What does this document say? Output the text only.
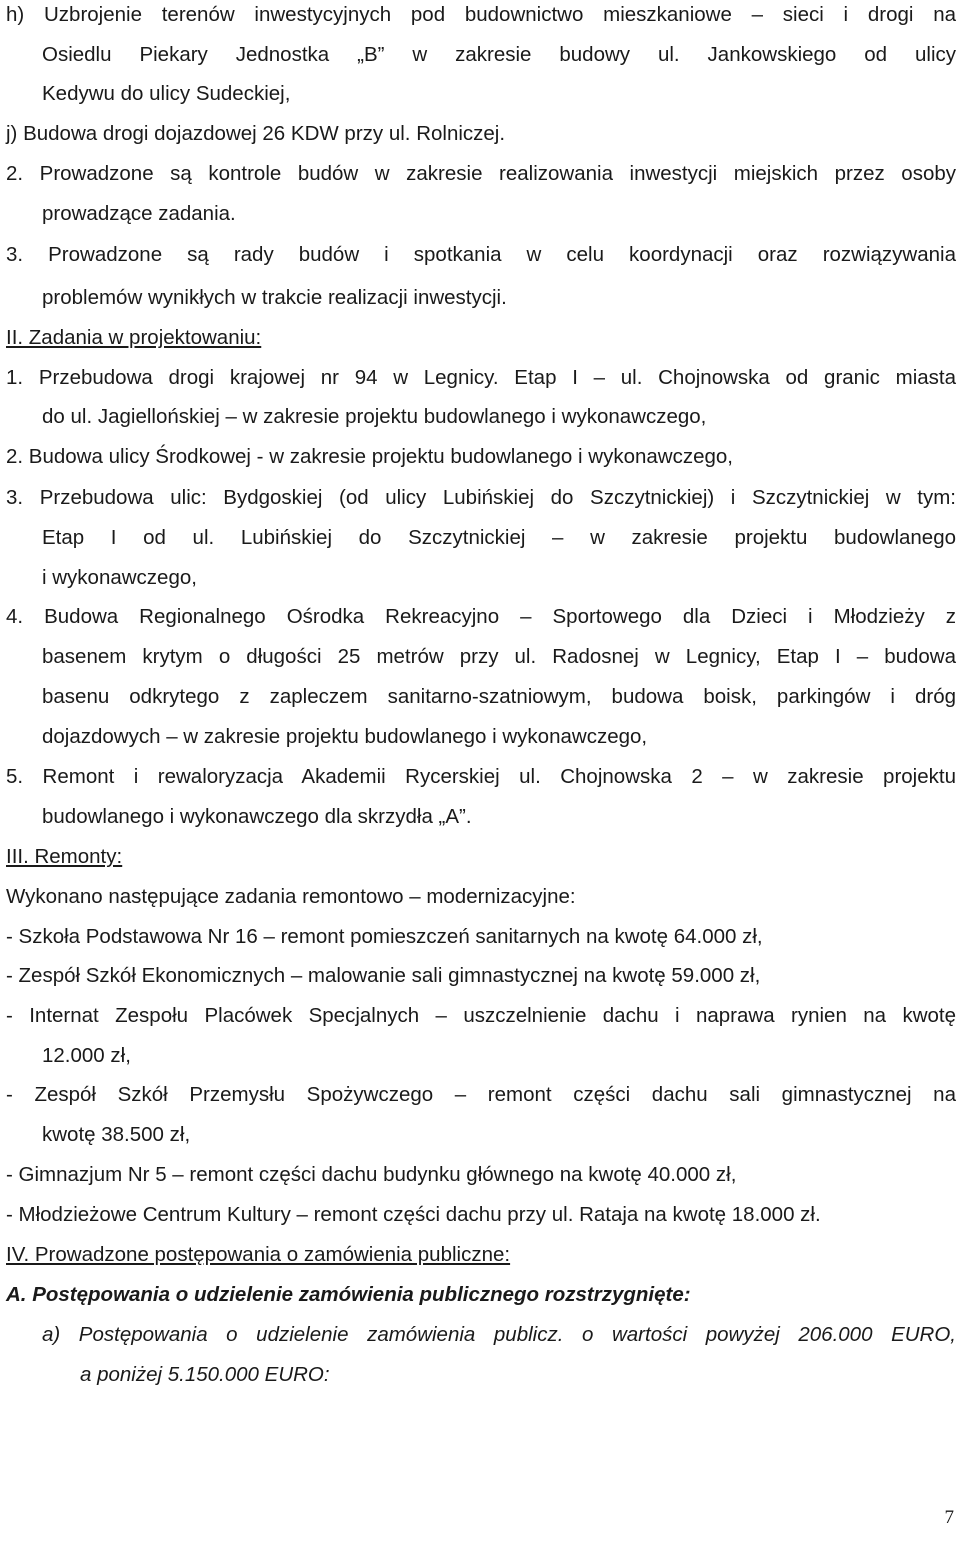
h) Uzbrojenie terenów inwestycyjnych pod budownictwo mieszkaniowe – sieci i drogi na
Osiedlu Piekary Jednostka „B” w zakresie budowy ul. Jankowskiego od ulicy
Kedywu do ulicy Sudeckiej,
j) Budowa drogi dojazdowej 26 KDW przy ul. Rolniczej.
2. Prowadzone są kontrole budów w zakresie realizowania inwestycji miejskich przez osoby
prowadzące zadania.
3. Prowadzone są rady budów i spotkania w celu koordynacji oraz rozwiązywania
problemów wynikłych w trakcie realizacji inwestycji.
II. Zadania w projektowaniu:
1. Przebudowa drogi krajowej nr 94 w Legnicy. Etap I – ul. Chojnowska od granic miasta
do ul. Jagiellońskiej – w zakresie projektu budowlanego i wykonawczego,
2. Budowa ulicy Środkowej - w zakresie projektu budowlanego i wykonawczego,
3. Przebudowa ulic: Bydgoskiej (od ulicy Lubińskiej do Szczytnickiej) i Szczytnickiej w tym:
Etap I od ul. Lubińskiej do Szczytnickiej – w zakresie projektu budowlanego
i wykonawczego,
4. Budowa Regionalnego Ośrodka Rekreacyjno – Sportowego dla Dzieci i Młodzieży z
basenem krytym o długości 25 metrów przy ul. Radosnej w Legnicy, Etap I – budowa
basenu odkrytego z zapleczem sanitarno-szatniowym, budowa boisk, parkingów i dróg
dojazdowych – w zakresie projektu budowlanego i wykonawczego,
5. Remont i rewaloryzacja Akademii Rycerskiej ul. Chojnowska 2 – w zakresie projektu
budowlanego i wykonawczego dla skrzydła „A”.
III. Remonty:
Wykonano następujące zadania remontowo – modernizacyjne:
- Szkoła Podstawowa Nr 16 – remont pomieszczeń sanitarnych na kwotę 64.000 zł,
- Zespół Szkół Ekonomicznych – malowanie sali gimnastycznej na kwotę 59.000 zł,
- Internat Zespołu Placówek Specjalnych – uszczelnienie dachu i naprawa rynien na kwotę
12.000 zł,
- Zespół Szkół Przemysłu Spożywczego – remont części dachu sali gimnastycznej na
kwotę 38.500 zł,
- Gimnazjum Nr 5 – remont części dachu budynku głównego na kwotę 40.000 zł,
- Młodzieżowe Centrum Kultury – remont części dachu przy ul. Rataja na kwotę 18.000 zł.
IV. Prowadzone postępowania o zamówienia publiczne:
A. Postępowania o udzielenie zamówienia publicznego rozstrzygnięte:
a) Postępowania o udzielenie zamówienia publicz. o wartości powyżej 206.000 EURO,
a poniżej 5.150.000 EURO:
7
